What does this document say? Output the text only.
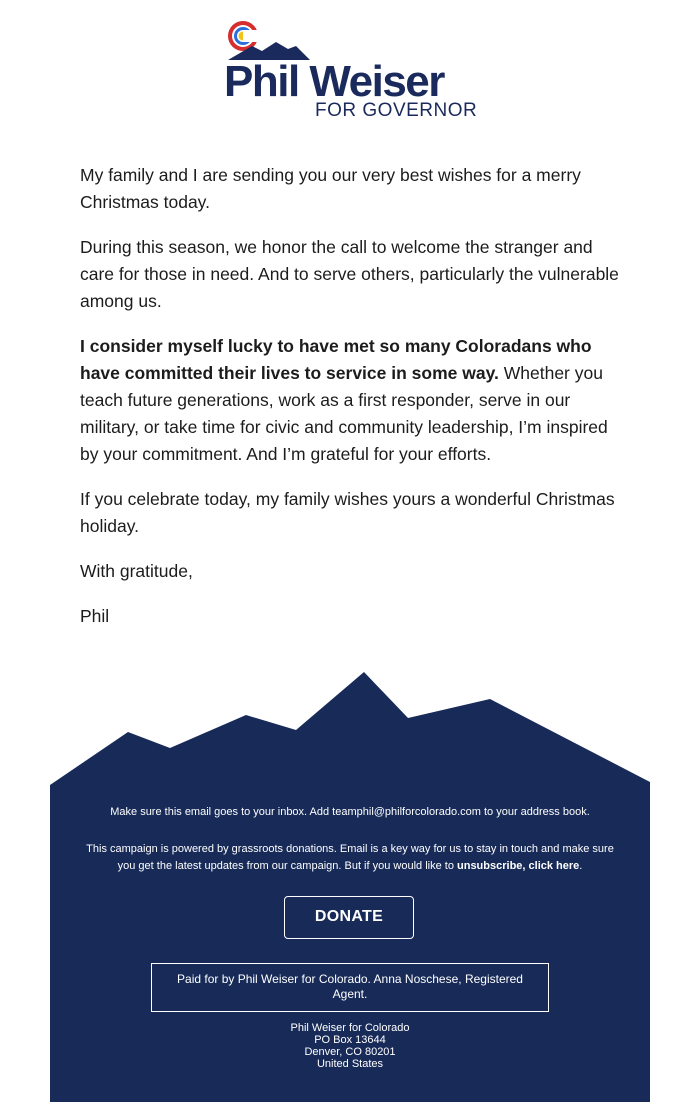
Phil Weiser
FOR GOVERNOR

My family and I are sending you our very best wishes for a merry Christmas today.

During this season, we honor the call to welcome the stranger and care for those in need. And to serve others, particularly the vulnerable among us.

I consider myself lucky to have met so many Coloradans who have committed their lives to service in some way. Whether you teach future generations, work as a first responder, serve in our military, or take time for civic and community leadership, I’m inspired by your commitment. And I’m grateful for your efforts.

If you celebrate today, my family wishes yours a wonderful Christmas holiday.

With gratitude,

Phil

Make sure this email goes to your inbox. Add teamphil@philforcolorado.com to your address book.
This campaign is powered by grassroots donations. Email is a key way for us to stay in touch and make sure you get the latest updates from our campaign. But if you would like to unsubscribe, click here.
DONATE
Paid for by Phil Weiser for Colorado. Anna Noschese, Registered Agent.
Phil Weiser for Colorado
PO Box 13644
Denver, CO 80201
United States
